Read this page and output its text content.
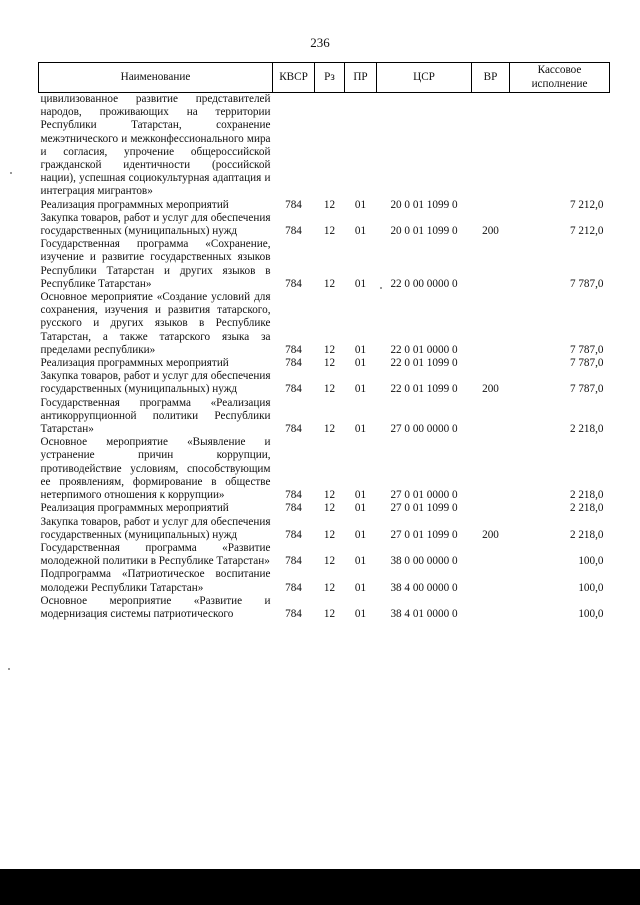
236
Наименование	КВСР	Рз	ПР	ЦСР	ВР	Кассовое исполнение
цивилизованное развитие представителей народов, проживающих на территории Республики Татарстан, сохранение межэтнического и межконфессионального мира и согласия, упрочение общероссийской гражданской идентичности (российской нации), успешная социокультурная адаптация и интеграция мигрантов»						
Реализация программных мероприятий	784	12	01	20 0 01 1099 0		7 212,0
Закупка товаров, работ и услуг для обеспечения государственных (муниципальных) нужд	784	12	01	20 0 01 1099 0	200	7 212,0
Государственная программа «Сохранение, изучение и развитие государственных языков Республики Татарстан и других языков в Республике Татарстан»	784	12	01	22 0 00 0000 0		7 787,0
Основное мероприятие «Создание условий для сохранения, изучения и развития татарского, русского и других языков в Республике Татарстан, а также татарского языка за пределами республики»	784	12	01	22 0 01 0000 0		7 787,0
Реализация программных мероприятий	784	12	01	22 0 01 1099 0		7 787,0
Закупка товаров, работ и услуг для обеспечения государственных (муниципальных) нужд	784	12	01	22 0 01 1099 0	200	7 787,0
Государственная программа «Реализация антикоррупционной политики Республики Татарстан»	784	12	01	27 0 00 0000 0		2 218,0
Основное мероприятие «Выявление и устранение причин коррупции, противодействие условиям, способствующим ее проявлениям, формирование в обществе нетерпимого отношения к коррупции»	784	12	01	27 0 01 0000 0		2 218,0
Реализация программных мероприятий	784	12	01	27 0 01 1099 0		2 218,0
Закупка товаров, работ и услуг для обеспечения государственных (муниципальных) нужд	784	12	01	27 0 01 1099 0	200	2 218,0
Государственная программа «Развитие молодежной политики в Республике Татарстан»	784	12	01	38 0 00 0000 0		100,0
Подпрограмма «Патриотическое воспитание молодежи Республики Татарстан»	784	12	01	38 4 00 0000 0		100,0
Основное мероприятие «Развитие и модернизация системы патриотического	784	12	01	38 4 01 0000 0		100,0
